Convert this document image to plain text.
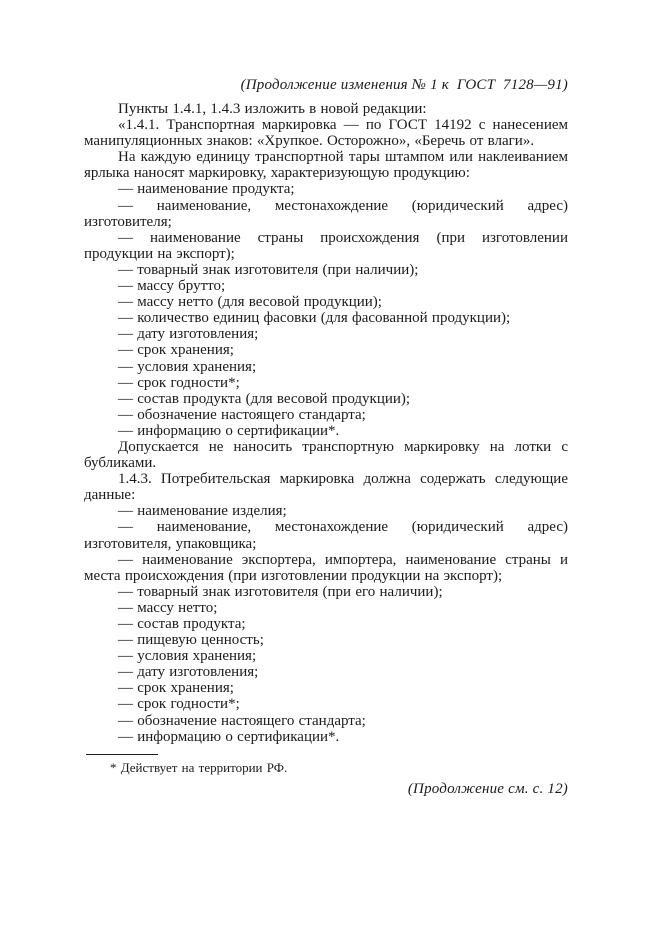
(Продолжение изменения № 1 к  ГОСТ  7128—91)

Пункты 1.4.1, 1.4.3 изложить в новой редакции:

«1.4.1. Транспортная маркировка — по ГОСТ 14192 с нанесением манипуляционных знаков: «Хрупкое. Осторожно», «Беречь от влаги».

На каждую единицу транспортной тары штампом или наклеиванием ярлыка наносят маркировку, характеризующую продукцию:

— наименование продукта;

— наименование, местонахождение (юридический адрес) изготовителя;

— наименование страны происхождения (при изготовлении продукции на экспорт);

— товарный знак изготовителя (при наличии);

— массу брутто;

— массу нетто (для весовой продукции);

— количество единиц фасовки (для фасованной продукции);

— дату изготовления;

— срок хранения;

— условия хранения;

— срок годности*;

— состав продукта (для весовой продукции);

— обозначение настоящего стандарта;

— информацию о сертификации*.

Допускается не наносить транспортную маркировку на лотки с бубликами.

1.4.3. Потребительская маркировка должна содержать следующие данные:

— наименование изделия;

— наименование, местонахождение (юридический адрес) изготовителя, упаковщика;

— наименование экспортера, импортера, наименование страны и места происхождения (при изготовлении продукции на экспорт);

— товарный знак изготовителя (при его наличии);

— массу нетто;

— состав продукта;

— пищевую ценность;

— условия хранения;

— дату изготовления;

— срок хранения;

— срок годности*;

— обозначение настоящего стандарта;

— информацию о сертификации*.

* Действует на территории РФ.
(Продолжение см. с. 12)
